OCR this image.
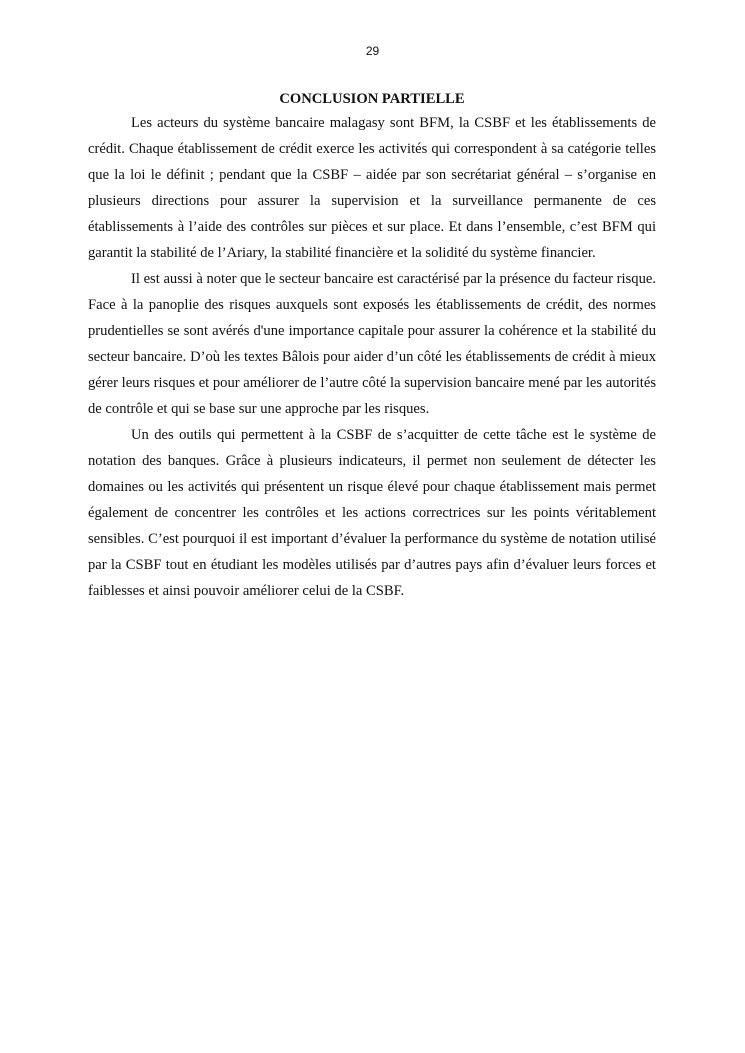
29
CONCLUSION PARTIELLE

Les acteurs du système bancaire malagasy sont BFM, la CSBF et les établissements de crédit. Chaque établissement de crédit exerce les activités qui correspondent à sa catégorie telles que la loi le définit ; pendant que la CSBF – aidée par son secrétariat général – s’organise en plusieurs directions pour assurer la supervision et la surveillance permanente de ces établissements à l’aide des contrôles sur pièces et sur place. Et dans l’ensemble, c’est BFM qui garantit la stabilité de l’Ariary, la stabilité financière et la solidité du système financier.

Il est aussi à noter que le secteur bancaire est caractérisé par la présence du facteur risque. Face à la panoplie des risques auxquels sont exposés les établissements de crédit, des normes prudentielles se sont avérés d'une importance capitale pour assurer la cohérence et la stabilité du secteur bancaire. D’où les textes Bâlois pour aider d’un côté les établissements de crédit à mieux gérer leurs risques et pour améliorer de l’autre côté la supervision bancaire mené par les autorités de contrôle et qui se base sur une approche par les risques.

Un des outils qui permettent à la CSBF de s’acquitter de cette tâche est le système de notation des banques. Grâce à plusieurs indicateurs, il permet non seulement de détecter les domaines ou les activités qui présentent un risque élevé pour chaque établissement mais permet également de concentrer les contrôles et les actions correctrices sur les points véritablement sensibles. C’est pourquoi il est important d’évaluer la performance du système de notation utilisé par la CSBF tout en étudiant les modèles utilisés par d’autres pays afin d’évaluer leurs forces et faiblesses et ainsi pouvoir améliorer celui de la CSBF.
